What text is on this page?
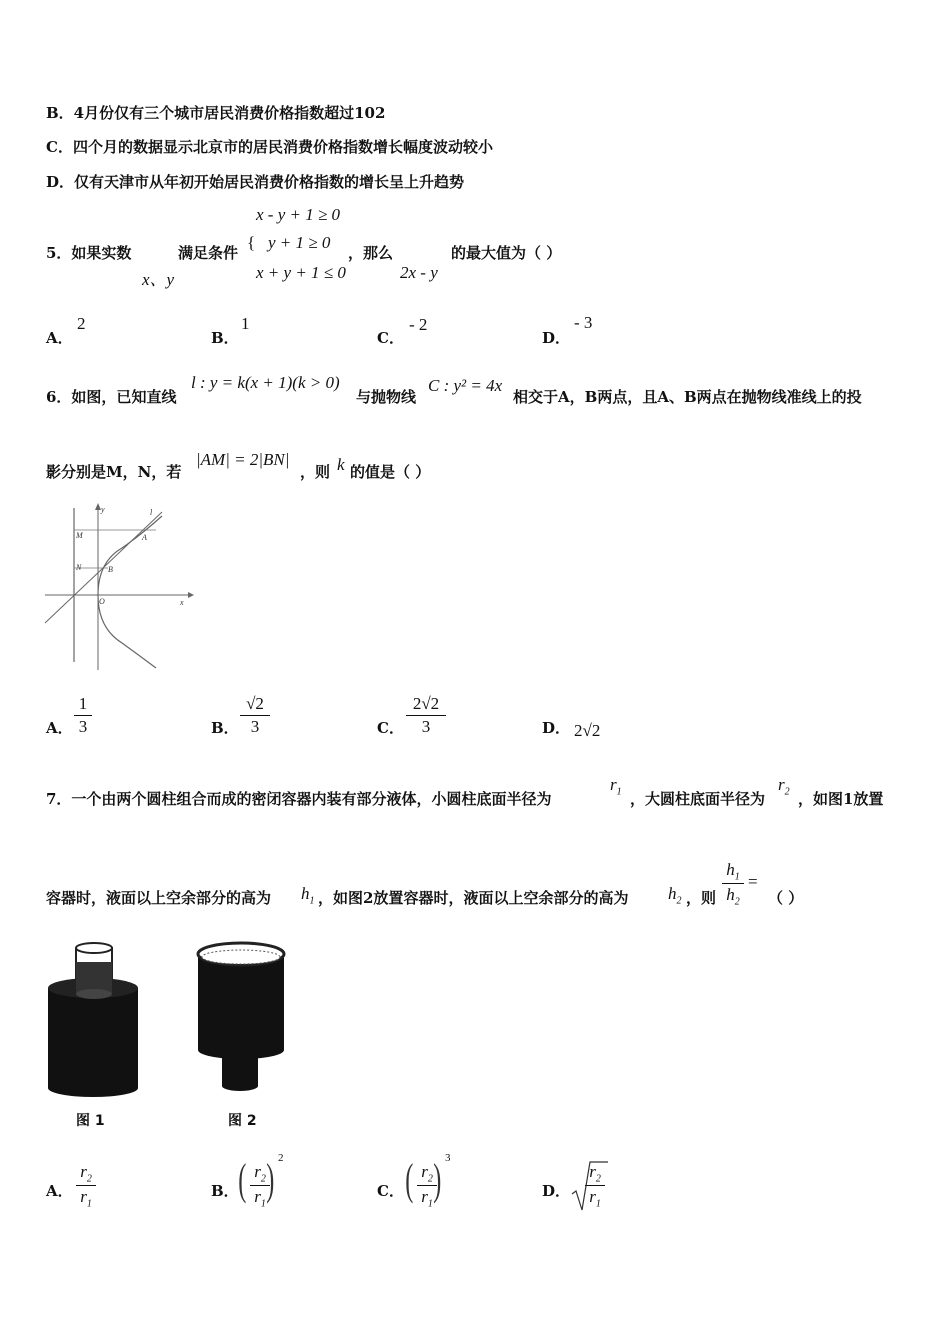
B．4月份仅有三个城市居民消费价格指数超过102
C．四个月的数据显示北京市的居民消费价格指数增长幅度波动较小
D．仅有天津市从年初开始居民消费价格指数的增长呈上升趋势
x - y + 1 ≥ 0
{ y + 1 ≥ 0
x + y + 1 ≤ 0
5．如果实数
x、y
满足条件	，那么
2x - y
的最大值为（ ）
A．
2
B．
1
C．
- 2
D．
- 3
6．如图，已知直线
l : y = k(x + 1)(k > 0)
与抛物线
C : y² = 4x
相交于A，B两点，且A、B两点在抛物线准线上的投
影分别是M，N，若
|AM| = 2|BN|
，则 k 的值是（ ）
y
x
l
M	A
N	B
O
A．
1
3	B．
√2
3	C．
2√2
3	D． 2√2
7．一个由两个圆柱组合而成的密闭容器内装有部分液体，小圆柱底面半径为
$r_1$ ，大圆柱底面半径为
$r_2$ ，如图1放置
容器时，液面以上空余部分的高为 $h_1$ ，如图2放置容器时，液面以上空余部分的高为 $h_2$ ，则
$h_1$
$h_2$
=
（ ）
图 1	图 2
A．
$r_2$
$r_1$
B． ( $r_2$
$r_1$
) 2
C． ( $r_2$
$r_1$
) 3
D．
$r_2$
$r_1$
